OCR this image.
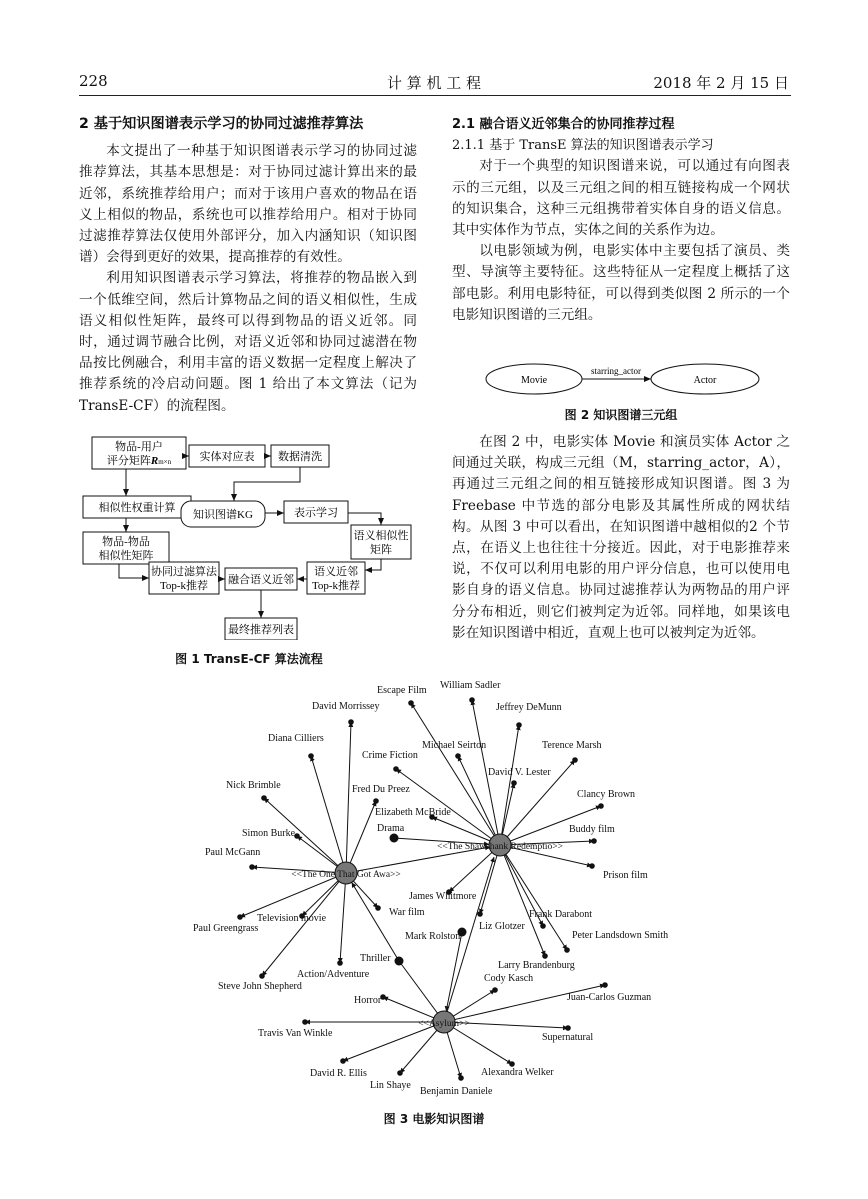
228	计 算 机 工 程	2018 年 2 月 15 日
2 基于知识图谱表示学习的协同过滤推荐算法

本文提出了一种基于知识图谱表示学习的协同过滤推荐算法，其基本思想是：对于协同过滤计算出来的最近邻，系统推荐给用户；而对于该用户喜欢的物品在语义上相似的物品，系统也可以推荐给用户。相对于协同过滤推荐算法仅使用外部评分，加入内涵知识（知识图谱）会得到更好的效果，提高推荐的有效性。

利用知识图谱表示学习算法，将推荐的物品嵌入到一个低维空间，然后计算物品之间的语义相似性，生成语义相似性矩阵，最终可以得到物品的语义近邻。同时，通过调节融合比例，对语义近邻和协同过滤潜在物品按比例融合，利用丰富的语义数据一定程度上解决了推荐系统的冷启动问题。图 1 给出了本文算法（记为 TransE-CF）的流程图。

物品-用户
评分矩阵Rm×n	实体对应表 数据清洗
相似性权重计算
知识图谱KG	表示学习
物品-物品
相似性矩阵
语义相似性
矩阵
协同过滤算法
Top-k推荐 融合语义近邻
语义近邻
Top-k推荐
最终推荐列表
图 1 TransE-CF 算法流程
2.1 融合语义近邻集合的协同推荐过程
2.1.1 基于 TransE 算法的知识图谱表示学习

对于一个典型的知识图谱来说，可以通过有向图表示的三元组，以及三元组之间的相互链接构成一个网状的知识集合，这种三元组携带着实体自身的语义信息。其中实体作为节点，实体之间的关系作为边。

以电影领域为例，电影实体中主要包括了演员、类型、导演等主要特征。这些特征从一定程度上概括了这部电影。利用电影特征，可以得到类似图 2 所示的一个电影知识图谱的三元组。

Movie	Actor
starring_actor
图 2 知识图谱三元组

在图 2 中，电影实体 Movie 和演员实体 Actor 之间通过关联，构成三元组（M，starring_actor，A），再通过三元组之间的相互链接形成知识图谱。图 3 为 Freebase 中节选的部分电影及其属性所成的网状结构。从图 3 中可以看出，在知识图谱中越相似的2 个节点，在语义上也往往十分接近。因此，对于电影推荐来说，不仅可以利用电影的用户评分信息，也可以使用电影自身的语义信息。协同过滤推荐认为两物品的用户评分分布相近，则它们被判定为近邻。同样地，如果该电影在知识图谱中相近，直观上也可以被判定为近邻。

Escape Film William Sadler
David Morrissey	Jeffrey DeMunn
Diana Cilliers
Michael Seirton	Terence Marsh
Crime Fiction
David V. Lester
Nick Brimble	Fred Du Preez	Clancy Brown
Elizabeth McBride
Simon Burke	Drama	Buddy film
Paul McGann
Prison film
James Whitmore
War film	Frank Darabont
Television movie
Paul Greengrass	Liz Glotzer
Mark Rolston	Peter Landsdown Smith
Thriller
Larry Brandenburg
Action/Adventure	Cody Kasch
Steve John Shepherd
Juan-Carlos Guzman
Horror
Travis Van Winkle	Supernatural
David R. Ellis	Alexandra Welker
Lin Shaye
Benjamin Daniele
<<The One That Got Awa>>
<<The Shawshank Redemptio>>
<<Asylum>>
图 3 电影知识图谱
